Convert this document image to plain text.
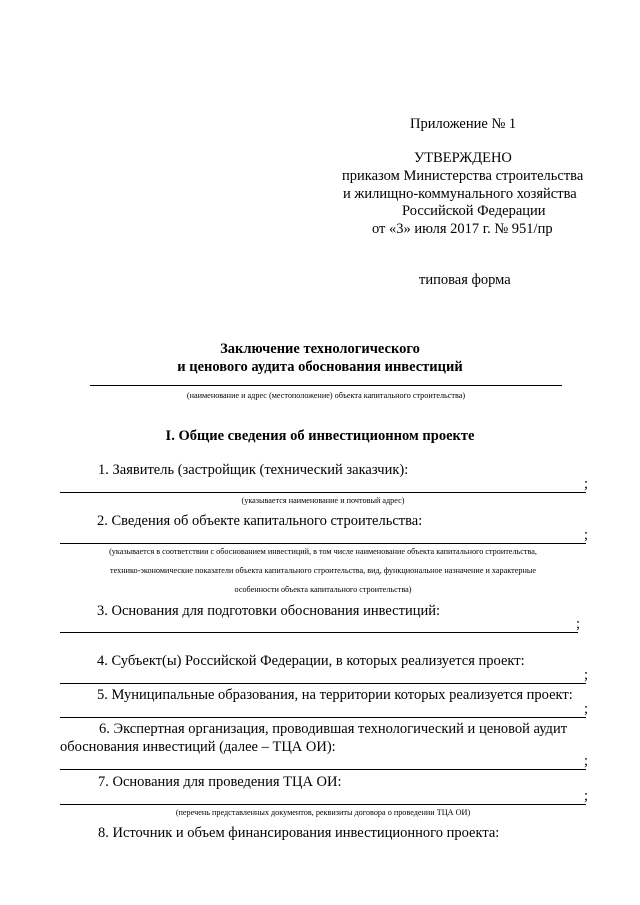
Приложение № 1
УТВЕРЖДЕНО
приказом Министерства строительства
и жилищно-коммунального хозяйства
Российской Федерации
от «3» июля 2017 г. № 951/пр
типовая форма
Заключение технологического
и ценового аудита обоснования инвестиций
(наименование и адрес (местоположение) объекта капитального строительства)
I. Общие сведения об инвестиционном проекте
1. Заявитель (застройщик (технический заказчик):
;
(указывается наименование и почтовый адрес)
2. Сведения об объекте капитального строительства:
;
(указывается в соответствии с обоснованием инвестиций, в том числе наименование объекта капитального строительства,
технико-экономические показатели объекта капитального строительства, вид, функциональное назначение и характерные
особенности объекта капитального строительства)
3. Основания для подготовки обоснования инвестиций:
;
4. Субъект(ы) Российской Федерации, в которых реализуется проект:
;
5. Муниципальные образования, на территории которых реализуется проект:
;
6. Экспертная организация, проводившая технологический и ценовой аудит
обоснования инвестиций (далее – ТЦА ОИ):
;
7. Основания для проведения ТЦА ОИ:
;
(перечень представленных документов, реквизиты договора о проведении ТЦА ОИ)
8. Источник и объем финансирования инвестиционного проекта:
